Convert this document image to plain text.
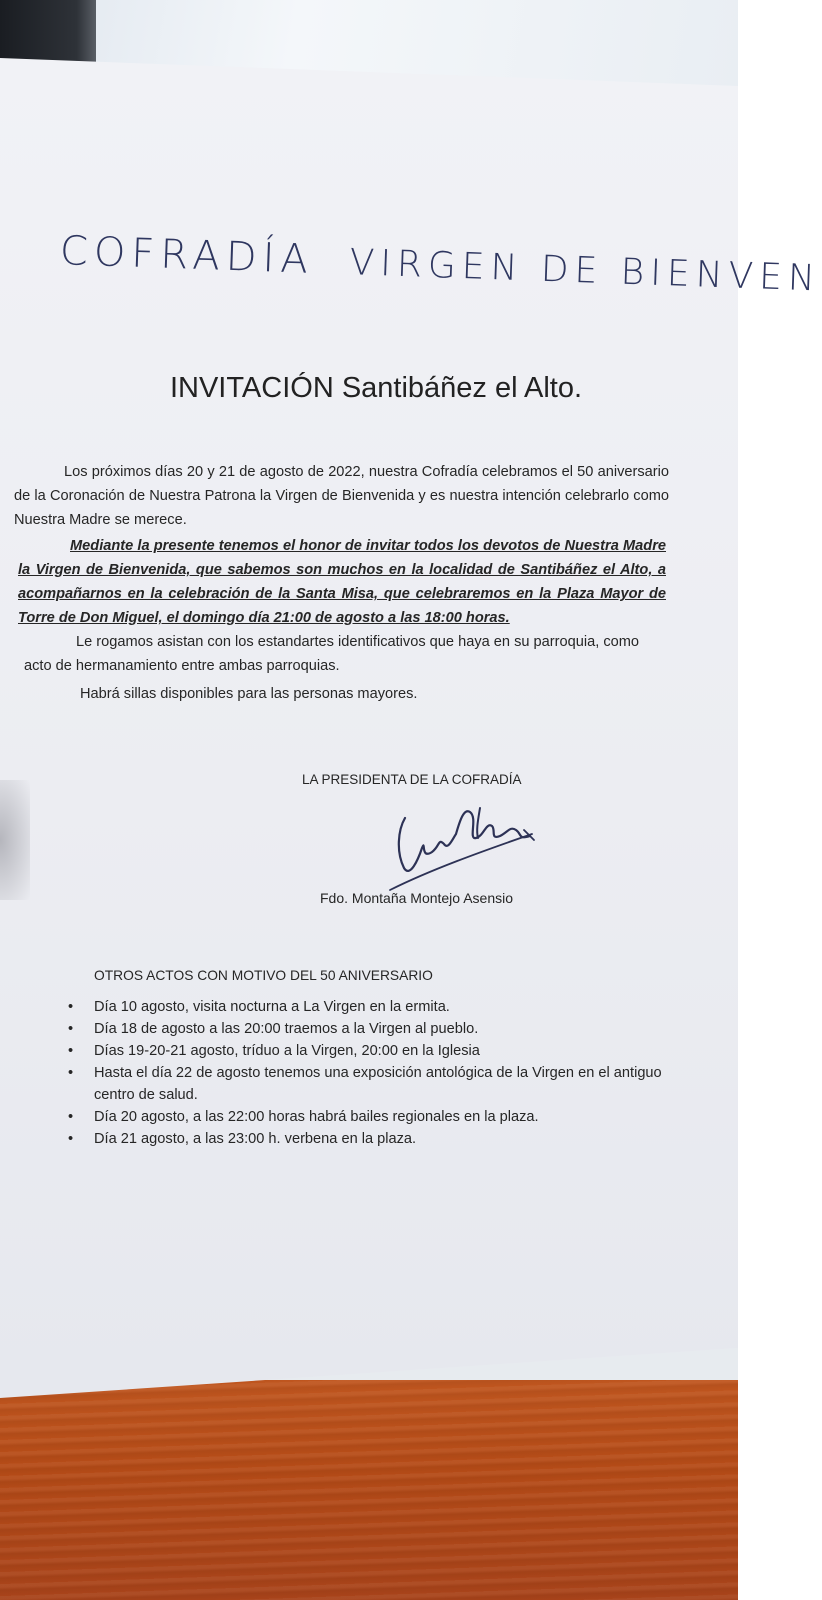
COFRADÍA VIRGEN DE BIENVEN
INVITACIÓN Santibáñez el Alto.
Los próximos días 20 y 21 de agosto de 2022, nuestra Cofradía celebramos el 50 aniversario de la Coronación de Nuestra Patrona la Virgen de Bienvenida y es nuestra intención celebrarlo como Nuestra Madre se merece.
Mediante la presente tenemos el honor de invitar todos los devotos de Nuestra Madre la Virgen de Bienvenida, que sabemos son muchos en la localidad de Santibáñez el Alto, a acompañarnos en la celebración de la Santa Misa, que celebraremos en la Plaza Mayor de Torre de Don Miguel, el domingo día 21:00 de agosto a las 18:00 horas.
Le rogamos asistan con los estandartes identificativos que haya en su parroquia, como acto de hermanamiento entre ambas parroquias.
Habrá sillas disponibles para las personas mayores.
LA PRESIDENTA DE LA COFRADÍA
Fdo. Montaña Montejo Asensio
OTROS ACTOS CON MOTIVO DEL 50 ANIVERSARIO
• Día 10 agosto, visita nocturna a La Virgen en la ermita.
• Día 18 de agosto a las 20:00 traemos a la Virgen al pueblo.
• Días 19-20-21 agosto, tríduo a la Virgen, 20:00 en la Iglesia
• Hasta el día 22 de agosto tenemos una exposición antológica de la Virgen en el antiguo centro de salud.
• Día 20 agosto, a las 22:00 horas habrá bailes regionales en la plaza.
• Día 21 agosto, a las 23:00 h. verbena en la plaza.
